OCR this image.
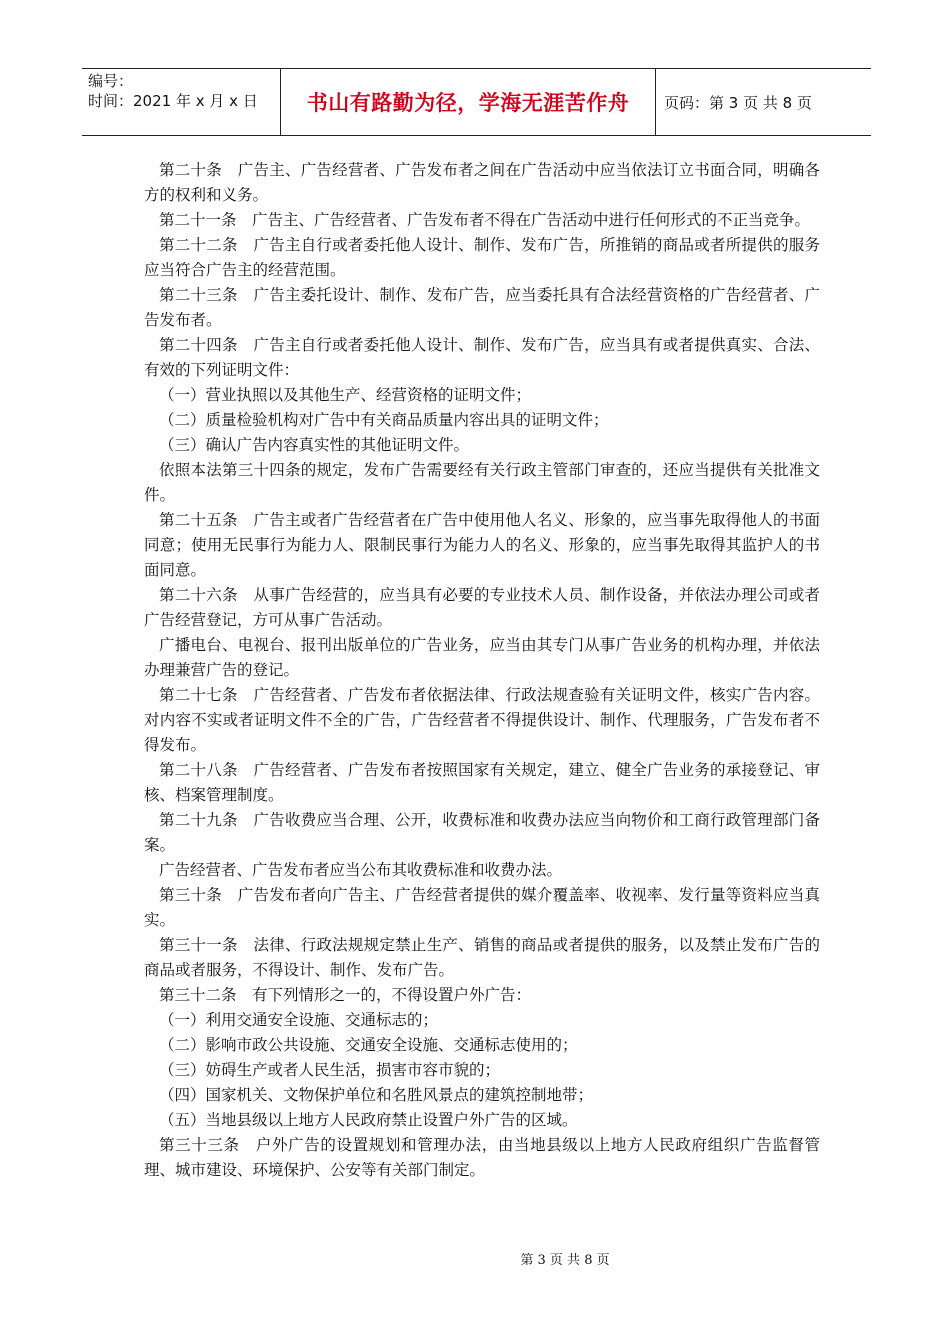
编号：
时间：2021 年 x 月 x 日	书山有路勤为径，学海无涯苦作舟	页码：第 3 页 共 8 页

第二十条　广告主、广告经营者、广告发布者之间在广告活动中应当依法订立书面合同，明确各方的权利和义务。

第二十一条　广告主、广告经营者、广告发布者不得在广告活动中进行任何形式的不正当竞争。

第二十二条　广告主自行或者委托他人设计、制作、发布广告，所推销的商品或者所提供的服务应当符合广告主的经营范围。

第二十三条　广告主委托设计、制作、发布广告，应当委托具有合法经营资格的广告经营者、广告发布者。

第二十四条　广告主自行或者委托他人设计、制作、发布广告，应当具有或者提供真实、合法、有效的下列证明文件：

（一）营业执照以及其他生产、经营资格的证明文件；

（二）质量检验机构对广告中有关商品质量内容出具的证明文件；

（三）确认广告内容真实性的其他证明文件。

依照本法第三十四条的规定，发布广告需要经有关行政主管部门审查的，还应当提供有关批准文件。

第二十五条　广告主或者广告经营者在广告中使用他人名义、形象的，应当事先取得他人的书面同意；使用无民事行为能力人、限制民事行为能力人的名义、形象的，应当事先取得其监护人的书面同意。

第二十六条　从事广告经营的，应当具有必要的专业技术人员、制作设备，并依法办理公司或者广告经营登记，方可从事广告活动。

广播电台、电视台、报刊出版单位的广告业务，应当由其专门从事广告业务的机构办理，并依法办理兼营广告的登记。

第二十七条　广告经营者、广告发布者依据法律、行政法规查验有关证明文件，核实广告内容。对内容不实或者证明文件不全的广告，广告经营者不得提供设计、制作、代理服务，广告发布者不得发布。

第二十八条　广告经营者、广告发布者按照国家有关规定，建立、健全广告业务的承接登记、审核、档案管理制度。

第二十九条　广告收费应当合理、公开，收费标准和收费办法应当向物价和工商行政管理部门备案。

广告经营者、广告发布者应当公布其收费标准和收费办法。

第三十条　广告发布者向广告主、广告经营者提供的媒介覆盖率、收视率、发行量等资料应当真实。

第三十一条　法律、行政法规规定禁止生产、销售的商品或者提供的服务，以及禁止发布广告的商品或者服务，不得设计、制作、发布广告。

第三十二条　有下列情形之一的，不得设置户外广告：

（一）利用交通安全设施、交通标志的；

（二）影响市政公共设施、交通安全设施、交通标志使用的；

（三）妨碍生产或者人民生活，损害市容市貌的；

（四）国家机关、文物保护单位和名胜风景点的建筑控制地带；

（五）当地县级以上地方人民政府禁止设置户外广告的区域。

第三十三条　户外广告的设置规划和管理办法，由当地县级以上地方人民政府组织广告监督管理、城市建设、环境保护、公安等有关部门制定。

第 3 页 共 8 页
